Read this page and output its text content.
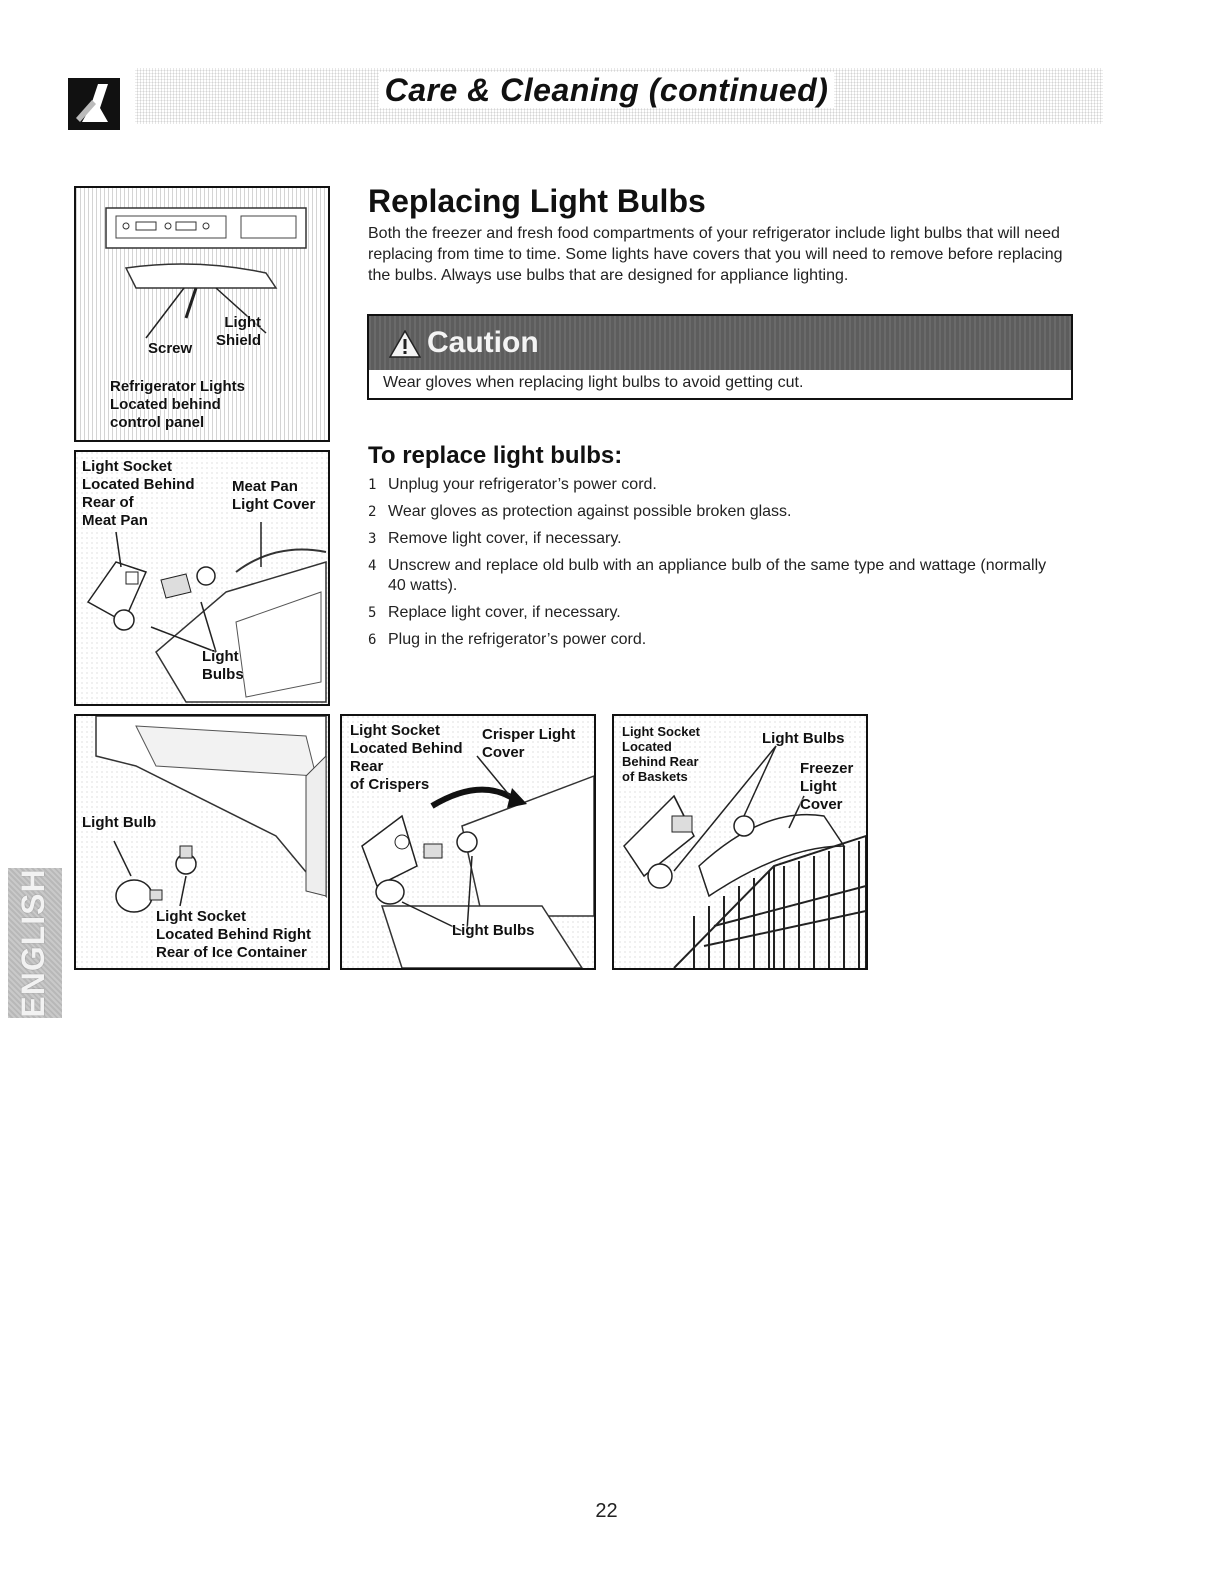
Care & Cleaning (continued)
Light
Shield
Screw
Refrigerator Lights
Located behind
control panel
Light Socket
Located Behind
Rear of
Meat Pan
Meat Pan
Light Cover
Light
Bulbs
Light Bulb
Light Socket
Located Behind Right
Rear of Ice Container
Light Socket
Located Behind
Rear
of Crispers
Crisper Light
Cover
Light Bulbs
Light Socket
Located
Behind Rear
of Baskets
Light Bulbs
Freezer
Light
Cover
Replacing Light Bulbs
Both the freezer and fresh food compartments of your refrigerator include light bulbs that will need replacing from time to time. Some lights have covers that you will need to remove before replacing the bulbs. Always use bulbs that are designed for appliance lighting.
Caution
Wear gloves when replacing light bulbs to avoid getting cut.
To replace light bulbs:
1 Unplug your refrigerator’s power cord.
2 Wear gloves as protection against possible broken glass.
3 Remove light cover, if necessary.
4 Unscrew and replace old bulb with an appliance bulb of the same type and wattage (normally 40 watts).
5 Replace light cover, if necessary.
6 Plug in the refrigerator’s power cord.
ENGLISH
22
